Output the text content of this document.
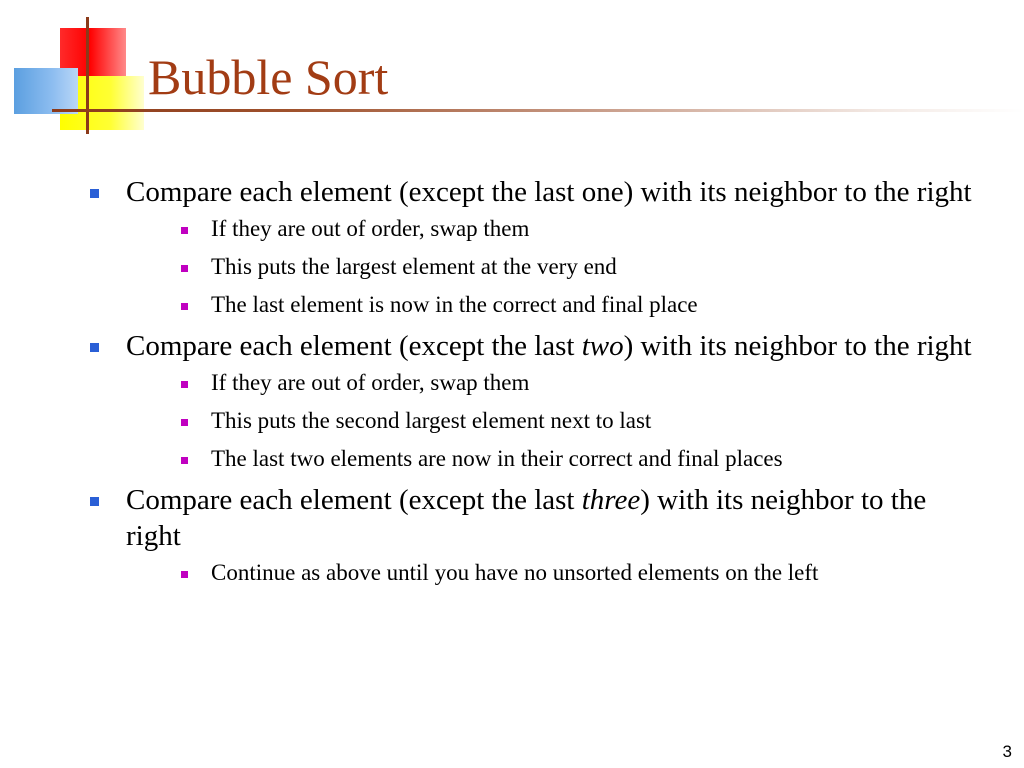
Bubble Sort
Compare each element (except the last one) with its neighbor to the right
If they are out of order, swap them
This puts the largest element at the very end
The last element is now in the correct and final place
Compare each element (except the last two) with its neighbor to the right
If they are out of order, swap them
This puts the second largest element next to last
The last two elements are now in their correct and final places
Compare each element (except the last three) with its neighbor to the right
Continue as above until you have no unsorted elements on the left
3
